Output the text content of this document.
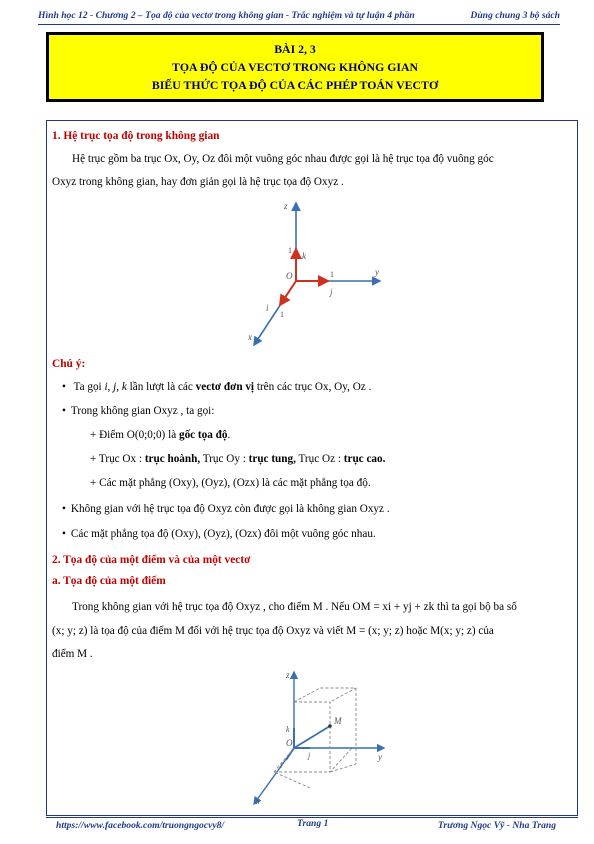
Hình học 12 - Chương 2 – Tọa độ của vectơ trong không gian - Trắc nghiệm và tự luận 4 phần	Dùng chung 3 bộ sách
BÀI 2, 3
TỌA ĐỘ CỦA VECTƠ TRONG KHÔNG GIAN
BIỂU THỨC TỌA ĐỘ CỦA CÁC PHÉP TOÁN VECTƠ
1. Hệ trục tọa độ trong không gian
Hệ trục gồm ba trục Ox, Oy, Oz đôi một vuông góc nhau được gọi là hệ trục tọa độ vuông góc
Oxyz trong không gian, hay đơn giản gọi là hệ trục tọa độ Oxyz .
z
y
x
O
k
j
i
1
1
1
Chú ý:
• Ta gọi i, j, k lần lượt là các vectơ đơn vị trên các trục Ox, Oy, Oz .
• Trong không gian Oxyz , ta gọi:
+ Điểm O(0;0;0) là gốc tọa độ.
+ Trục Ox : trục hoành, Trục Oy : trục tung, Trục Oz : trục cao.
+ Các mặt phẳng (Oxy), (Oyz), (Ozx) là các mặt phẳng tọa độ.
• Không gian với hệ trục tọa độ Oxyz còn được gọi là không gian Oxyz .
• Các mặt phẳng tọa độ (Oxy), (Oyz), (Ozx) đôi một vuông góc nhau.
2. Tọa độ của một điểm và của một vectơ
a. Tọa độ của một điểm
Trong không gian với hệ trục tọa độ Oxyz , cho điểm M . Nếu OM = xi + yj + zk thì ta gọi bộ ba số
(x; y; z) là tọa độ của điểm M đối với hệ trục tọa độ Oxyz và viết M = (x; y; z) hoặc M(x; y; z) của
điểm M .
z
y
x
O
M
k
i
j
https://www.facebook.com/truongngocvy8/	Trang 1	Trương Ngọc Vỹ - Nha Trang
